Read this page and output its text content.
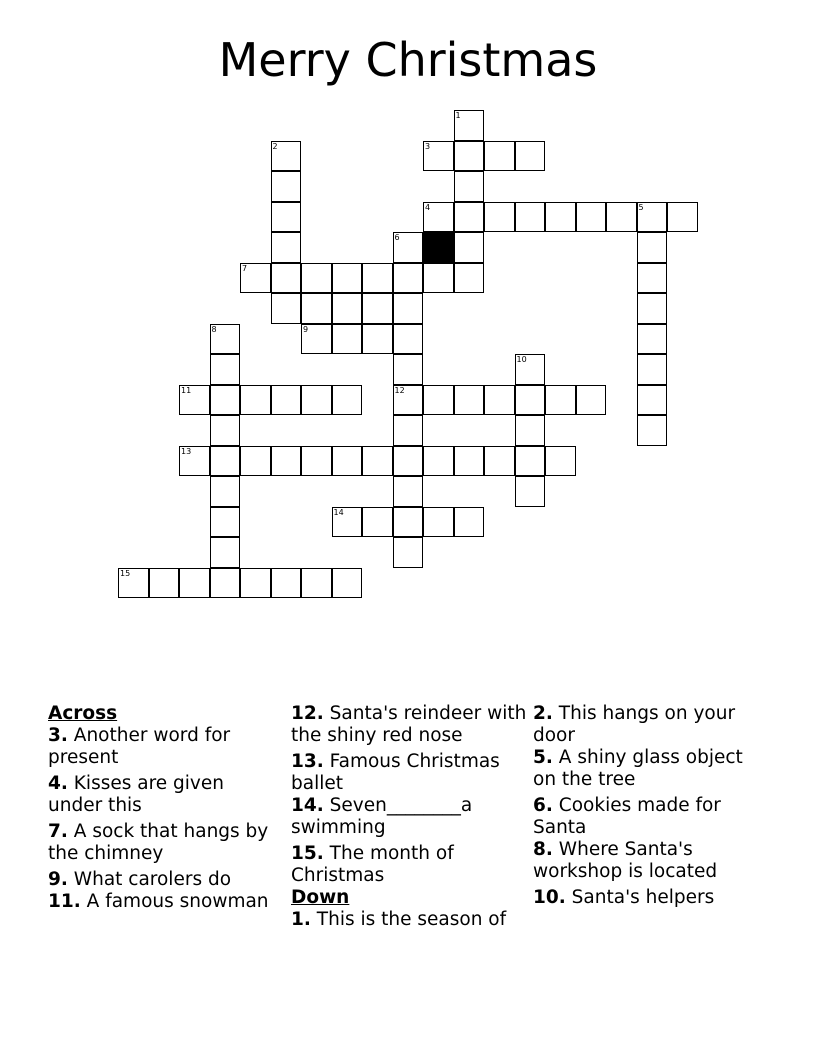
Merry Christmas
1
2	3
4	5
6
7
8	9
10
11	12
13
14
15
Across
3. Another word for present
4. Kisses are given under this
7. A sock that hangs by the chimney
9. What carolers do
11. A famous snowman
12. Santa's reindeer with the shiny red nose
13. Famous Christmas ballet
14. Seven________a swimming
15. The month of Christmas
Down
1. This is the season of
2. This hangs on your door
5. A shiny glass object on the tree
6. Cookies made for Santa
8. Where Santa's workshop is located
10. Santa's helpers
